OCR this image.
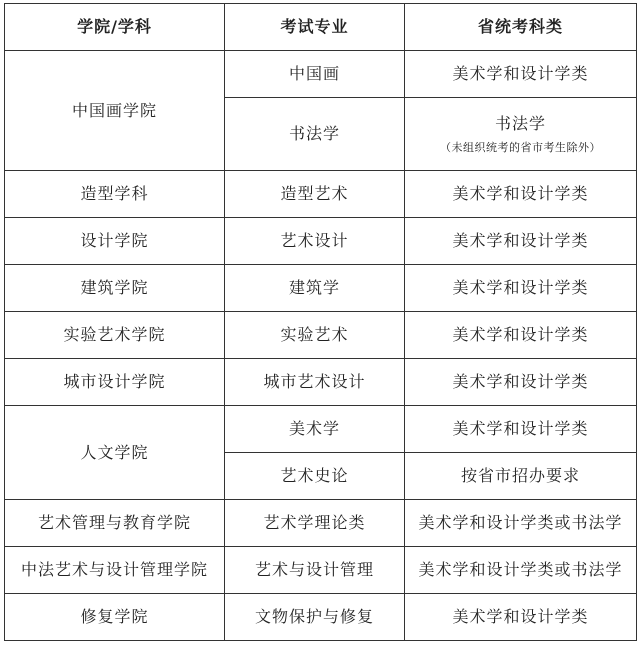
学院/学科	考试专业	省统考科类
中国画学院	中国画	美术学和设计学类
	书法学	书法学
（未组织统考的省市考生除外）

造型学科	造型艺术	美术学和设计学类
设计学院	艺术设计	美术学和设计学类
建筑学院	建筑学	美术学和设计学类
实验艺术学院	实验艺术	美术学和设计学类
城市设计学院	城市艺术设计	美术学和设计学类
人文学院	美术学	美术学和设计学类
	艺术史论	按省市招办要求
艺术管理与教育学院	艺术学理论类	美术学和设计学类或书法学
中法艺术与设计管理学院	艺术与设计管理	美术学和设计学类或书法学
修复学院	文物保护与修复	美术学和设计学类
